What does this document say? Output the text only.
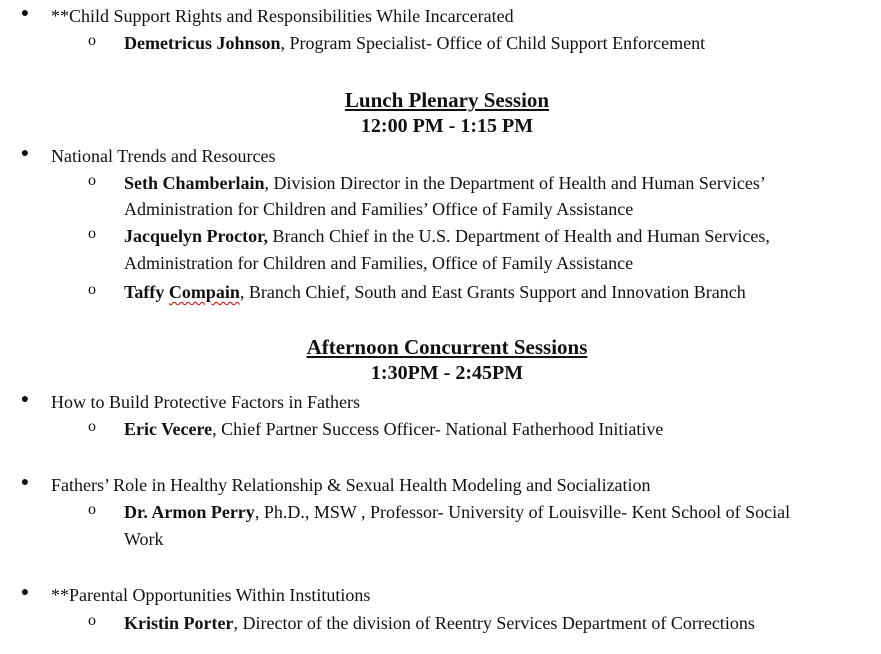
●	**Child Support Rights and Responsibilities While Incarcerated
o Demetricus Johnson, Program Specialist- Office of Child Support Enforcement
Lunch Plenary Session
12:00 PM - 1:15 PM
●	National Trends and Resources
o Seth Chamberlain, Division Director in the Department of Health and Human Services’
Administration for Children and Families’ Office of Family Assistance
o Jacquelyn Proctor, Branch Chief in the U.S. Department of Health and Human Services,
Administration for Children and Families, Office of Family Assistance
o Taffy Compain, Branch Chief, South and East Grants Support and Innovation Branch
Afternoon Concurrent Sessions
1:30PM - 2:45PM
●	How to Build Protective Factors in Fathers
o Eric Vecere, Chief Partner Success Officer- National Fatherhood Initiative
●	Fathers’ Role in Healthy Relationship & Sexual Health Modeling and Socialization
o Dr. Armon Perry, Ph.D., MSW , Professor- University of Louisville- Kent School of Social
Work
●	**Parental Opportunities Within Institutions
o Kristin Porter, Director of the division of Reentry Services Department of Corrections
